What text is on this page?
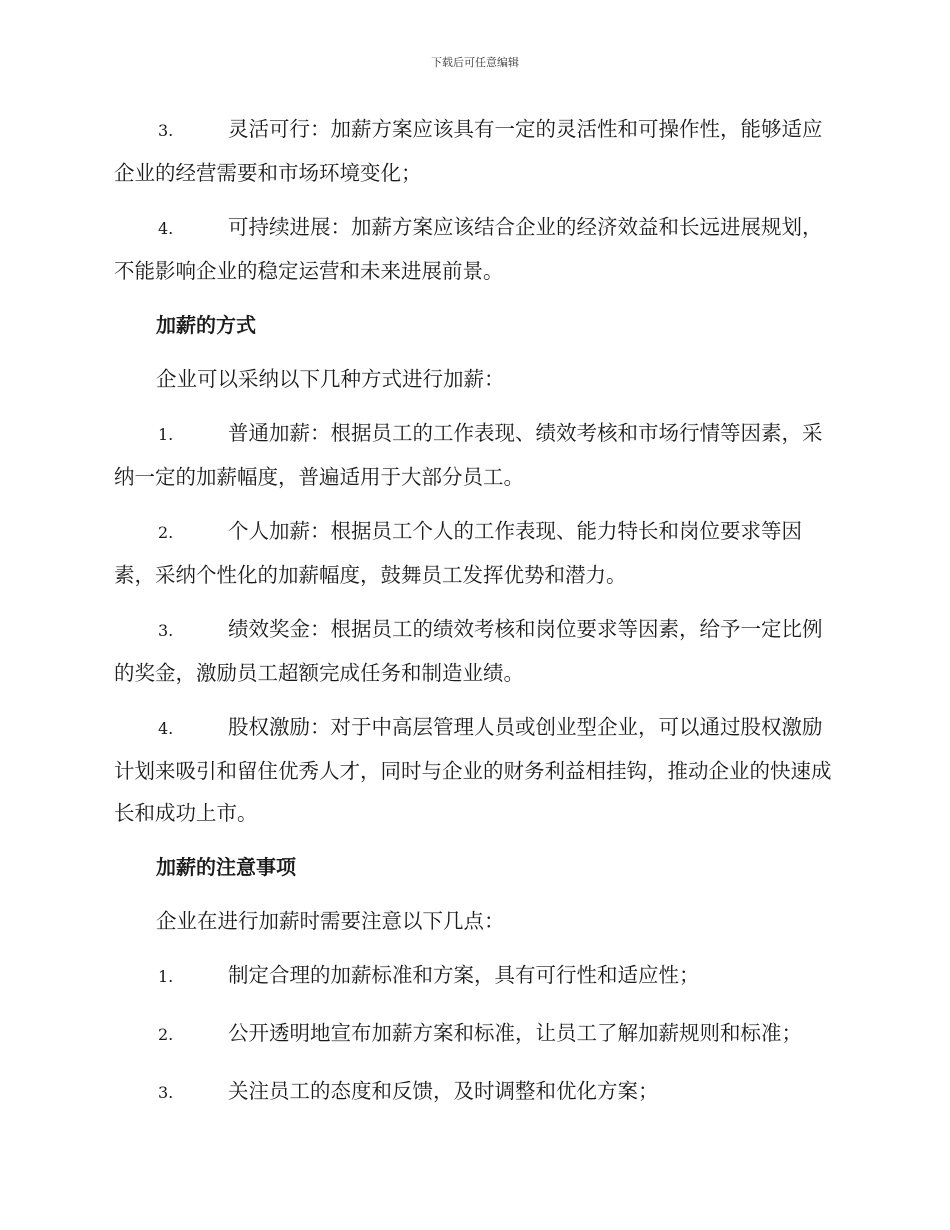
下载后可任意编辑

3.	灵活可行：加薪方案应该具有一定的灵活性和可操作性，能够适应企业的经营需要和市场环境变化；

4.	可持续进展：加薪方案应该结合企业的经济效益和长远进展规划，不能影响企业的稳定运营和未来进展前景。

加薪的方式

企业可以采纳以下几种方式进行加薪：

1.	普通加薪：根据员工的工作表现、绩效考核和市场行情等因素，采纳一定的加薪幅度，普遍适用于大部分员工。

2.	个人加薪：根据员工个人的工作表现、能力特长和岗位要求等因素，采纳个性化的加薪幅度，鼓舞员工发挥优势和潜力。

3.	绩效奖金：根据员工的绩效考核和岗位要求等因素，给予一定比例的奖金，激励员工超额完成任务和制造业绩。

4.	股权激励：对于中高层管理人员或创业型企业，可以通过股权激励计划来吸引和留住优秀人才，同时与企业的财务利益相挂钩，推动企业的快速成长和成功上市。

加薪的注意事项

企业在进行加薪时需要注意以下几点：

1.	制定合理的加薪标准和方案，具有可行性和适应性；

2.	公开透明地宣布加薪方案和标准，让员工了解加薪规则和标准；

3.	关注员工的态度和反馈，及时调整和优化方案；
